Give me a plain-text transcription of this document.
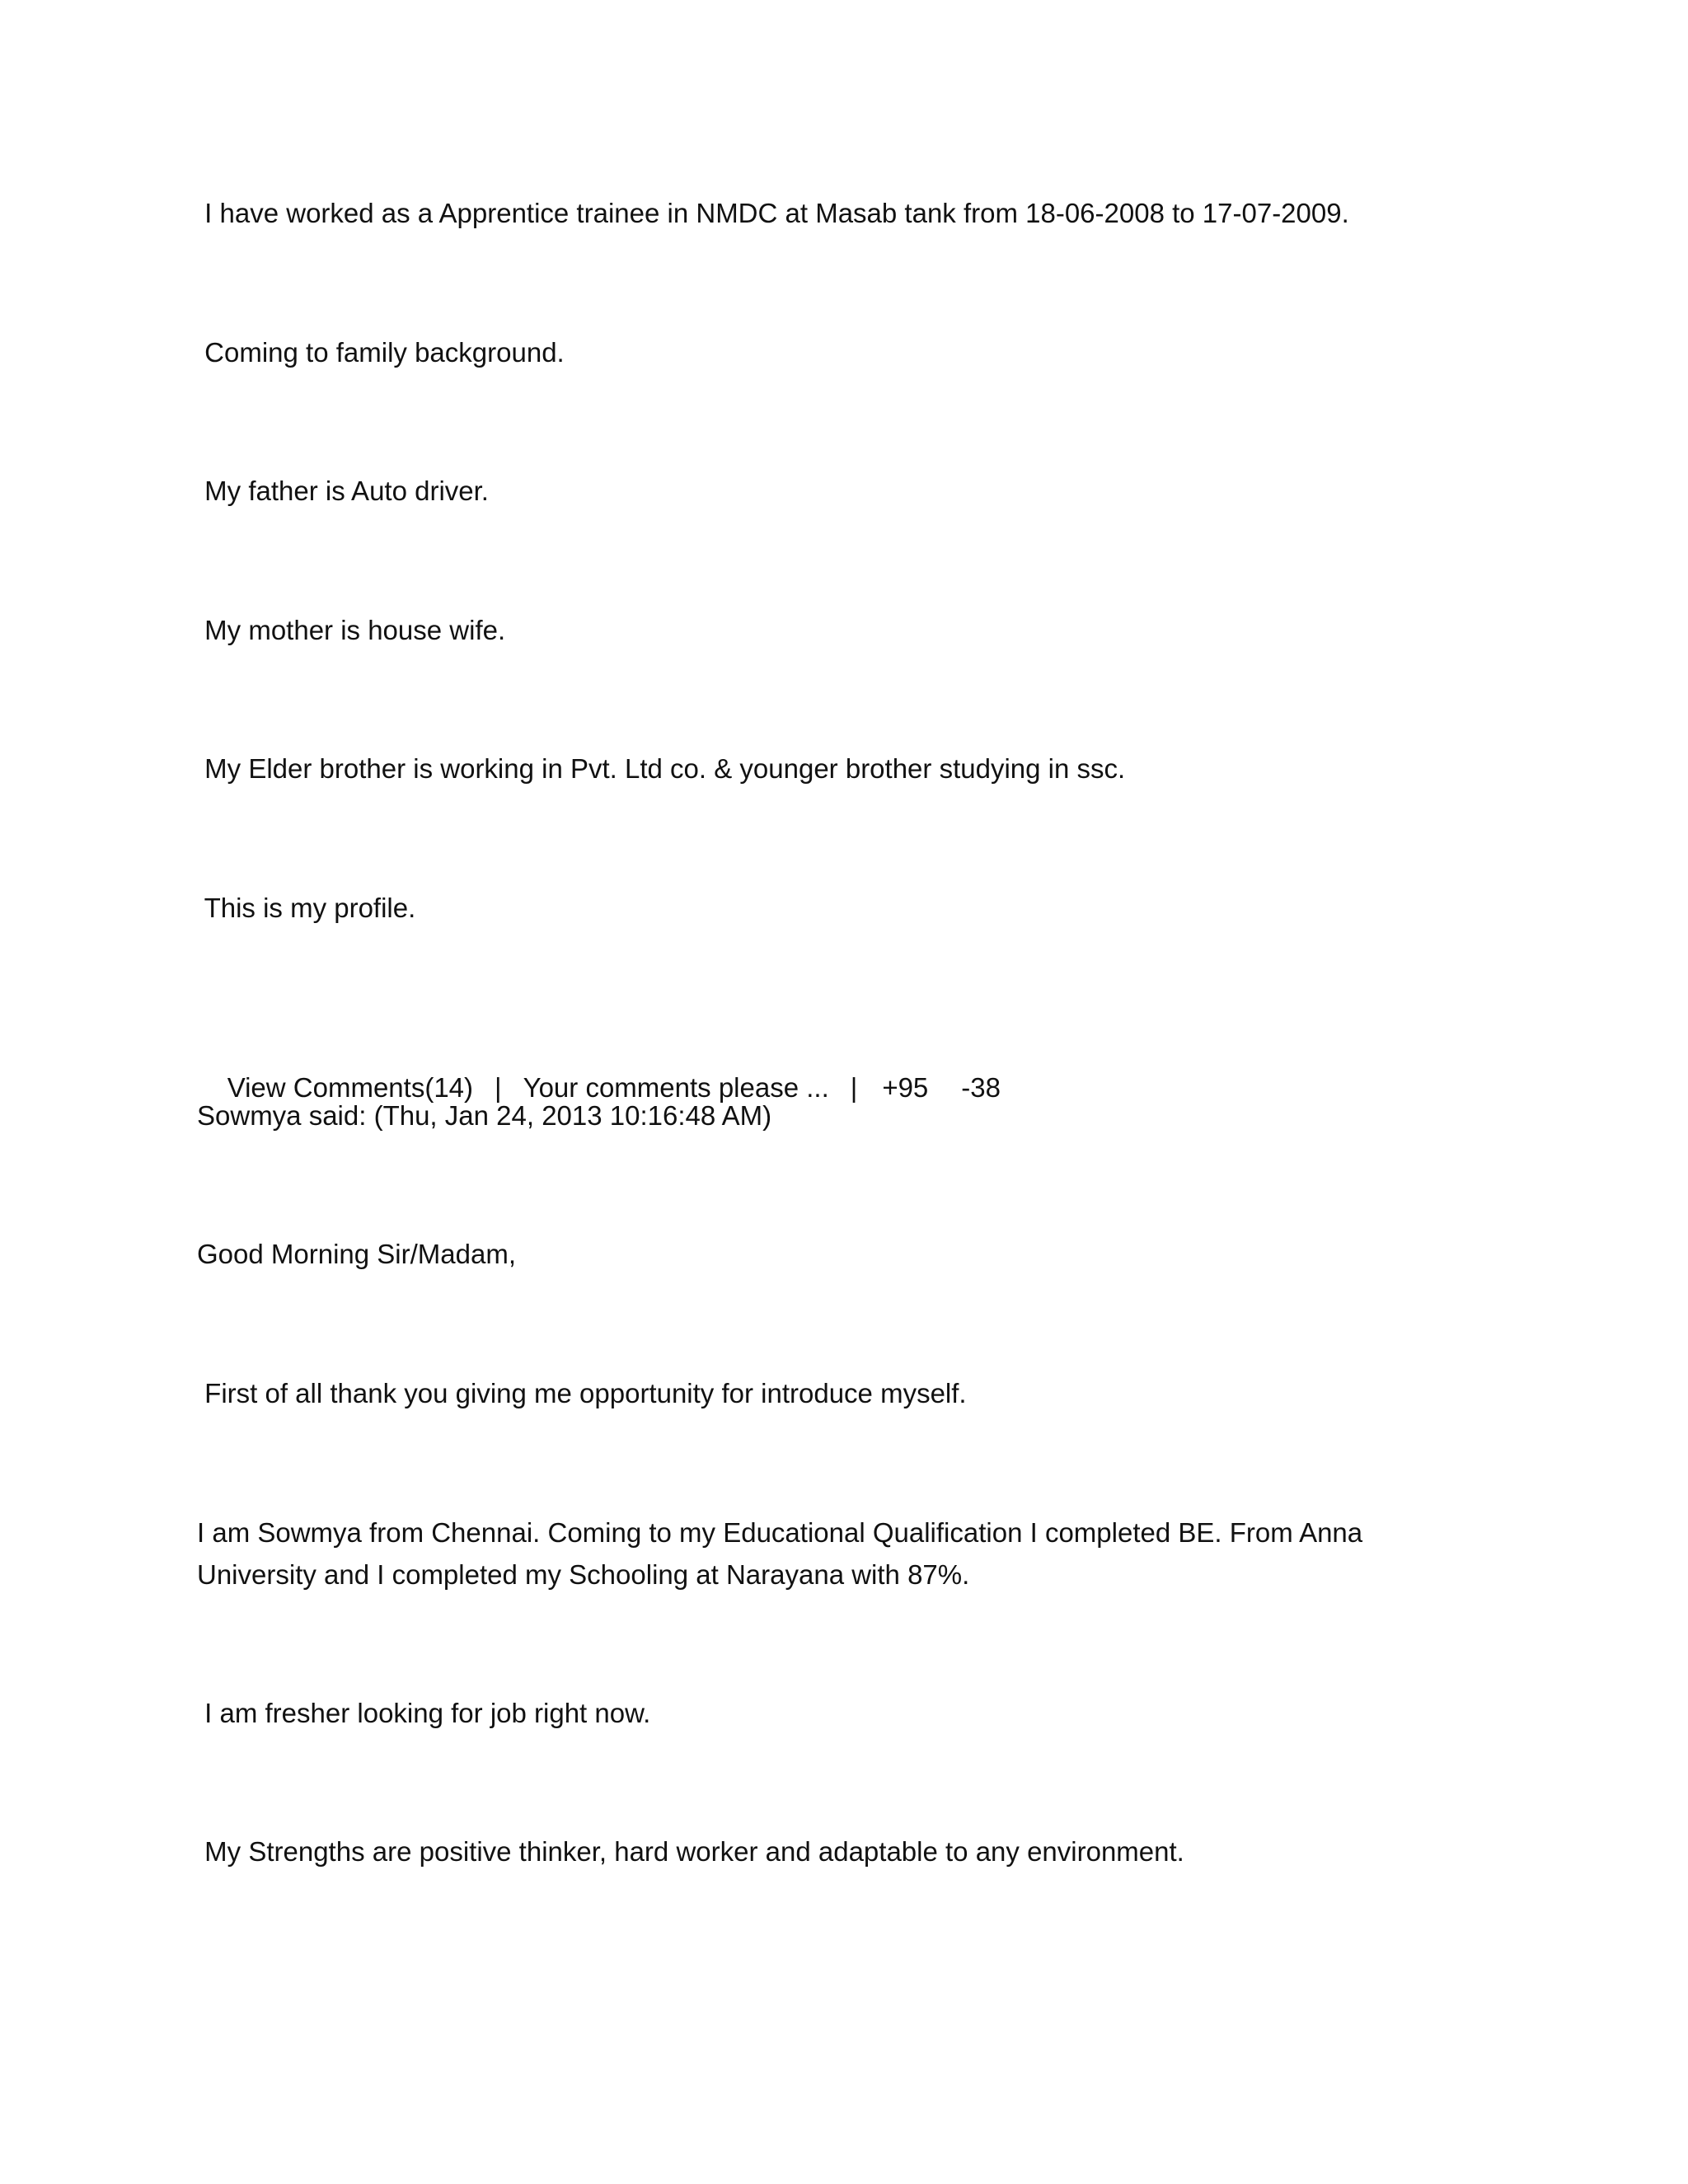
I have worked as a Apprentice trainee in NMDC at Masab tank from 18-06-2008 to 17-07-2009.
Coming to family background.
My father is Auto driver.
My mother is house wife.
My Elder brother is working in Pvt. Ltd co. & younger brother studying in ssc.
This is my profile.

View Comments(14) | Your comments please ... | +95 -38

Sowmya said: (Thu, Jan 24, 2013 10:16:48 AM)
Good Morning Sir/Madam,
First of all thank you giving me opportunity for introduce myself.
I am Sowmya from Chennai. Coming to my Educational Qualification I completed BE. From Anna University and I completed my Schooling at Narayana with 87%.
I am fresher looking for job right now.
My Strengths are positive thinker, hard worker and adaptable to any environment.
